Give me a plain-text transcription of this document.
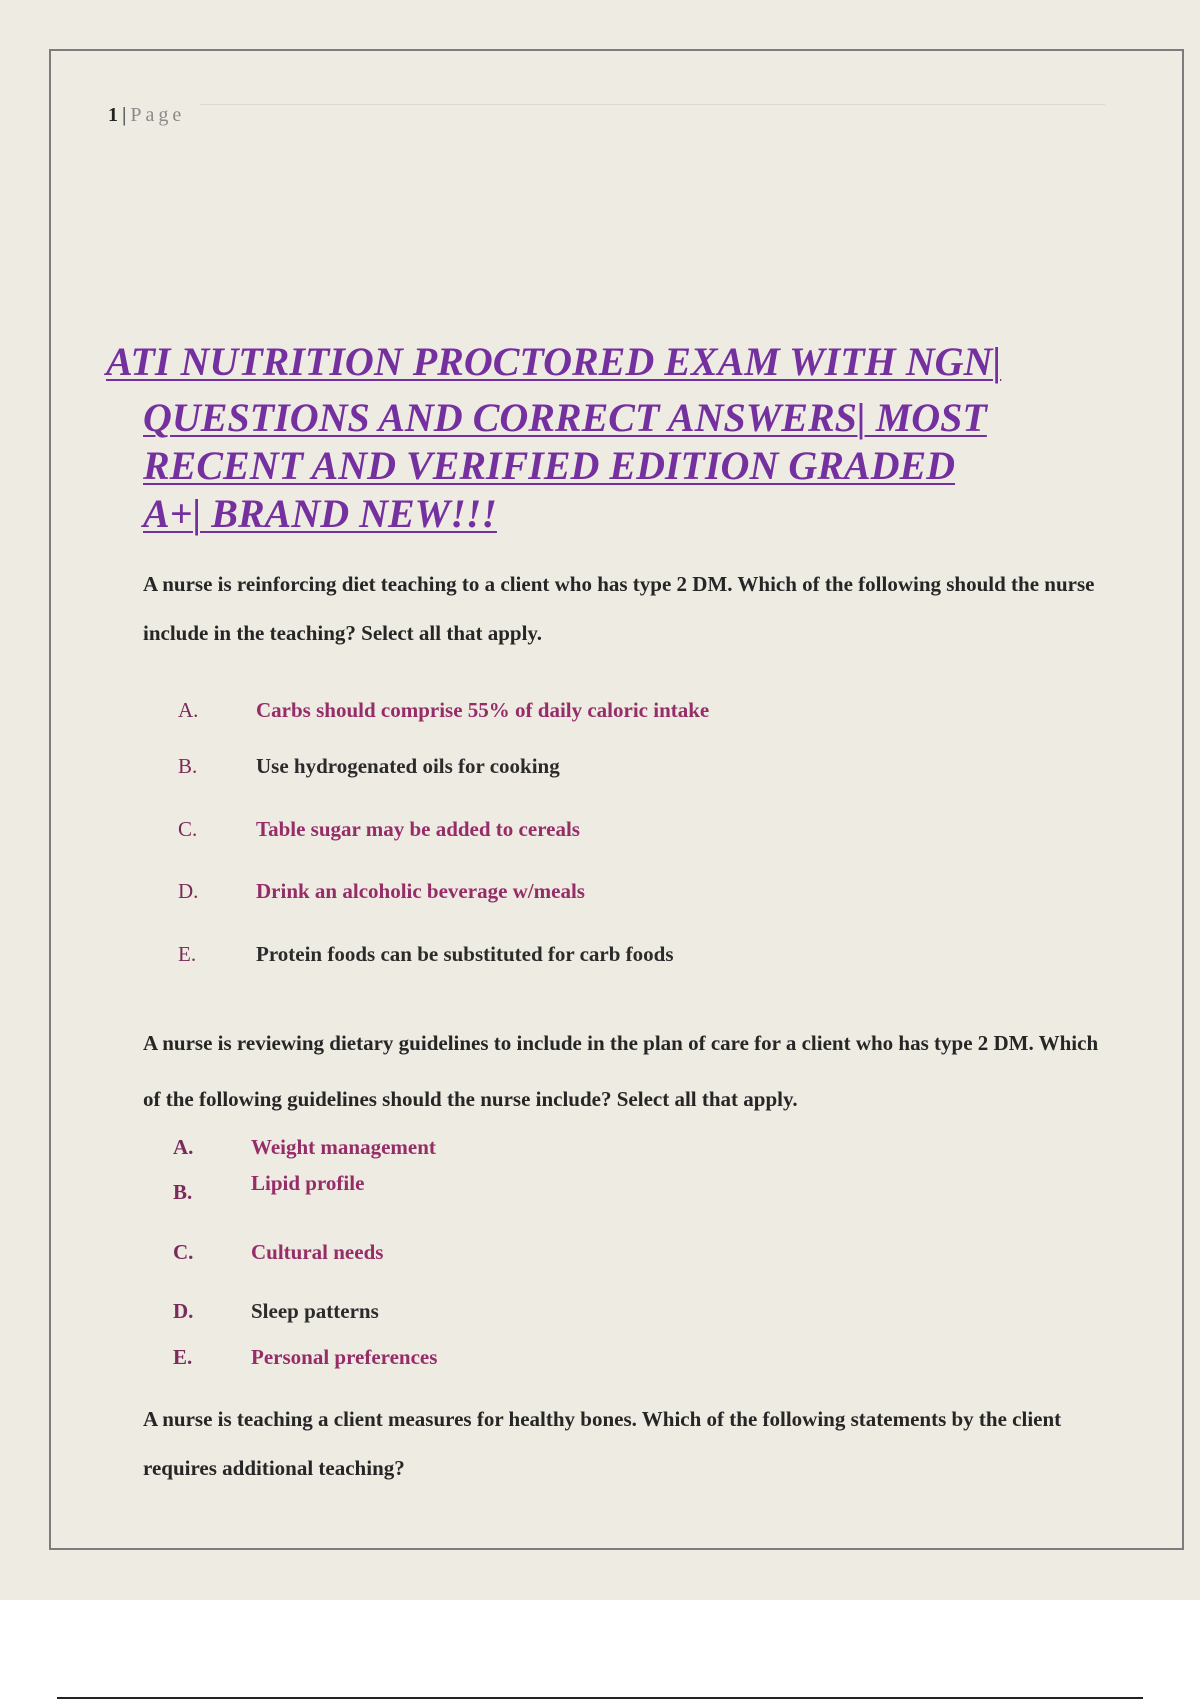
1 | Page
ATI NUTRITION PROCTORED EXAM WITH NGN|
QUESTIONS AND CORRECT ANSWERS| MOST
RECENT AND VERIFIED EDITION GRADED
A+| BRAND NEW!!!

A nurse is reinforcing diet teaching to a client who has type 2 DM. Which of the following should the nurse include in the teaching? Select all that apply.

A.	Carbs should comprise 55% of daily caloric intake
B.	Use hydrogenated oils for cooking
C.	Table sugar may be added to cereals
D.	Drink an alcoholic beverage w/meals
E.	Protein foods can be substituted for carb foods

A nurse is reviewing dietary guidelines to include in the plan of care for a client who has type 2 DM. Which of the following guidelines should the nurse include? Select all that apply.

A.	Weight management
B.	Lipid profile
C.	Cultural needs
D.	Sleep patterns
E.	Personal preferences

A nurse is teaching a client measures for healthy bones. Which of the following statements by the client requires additional teaching?
